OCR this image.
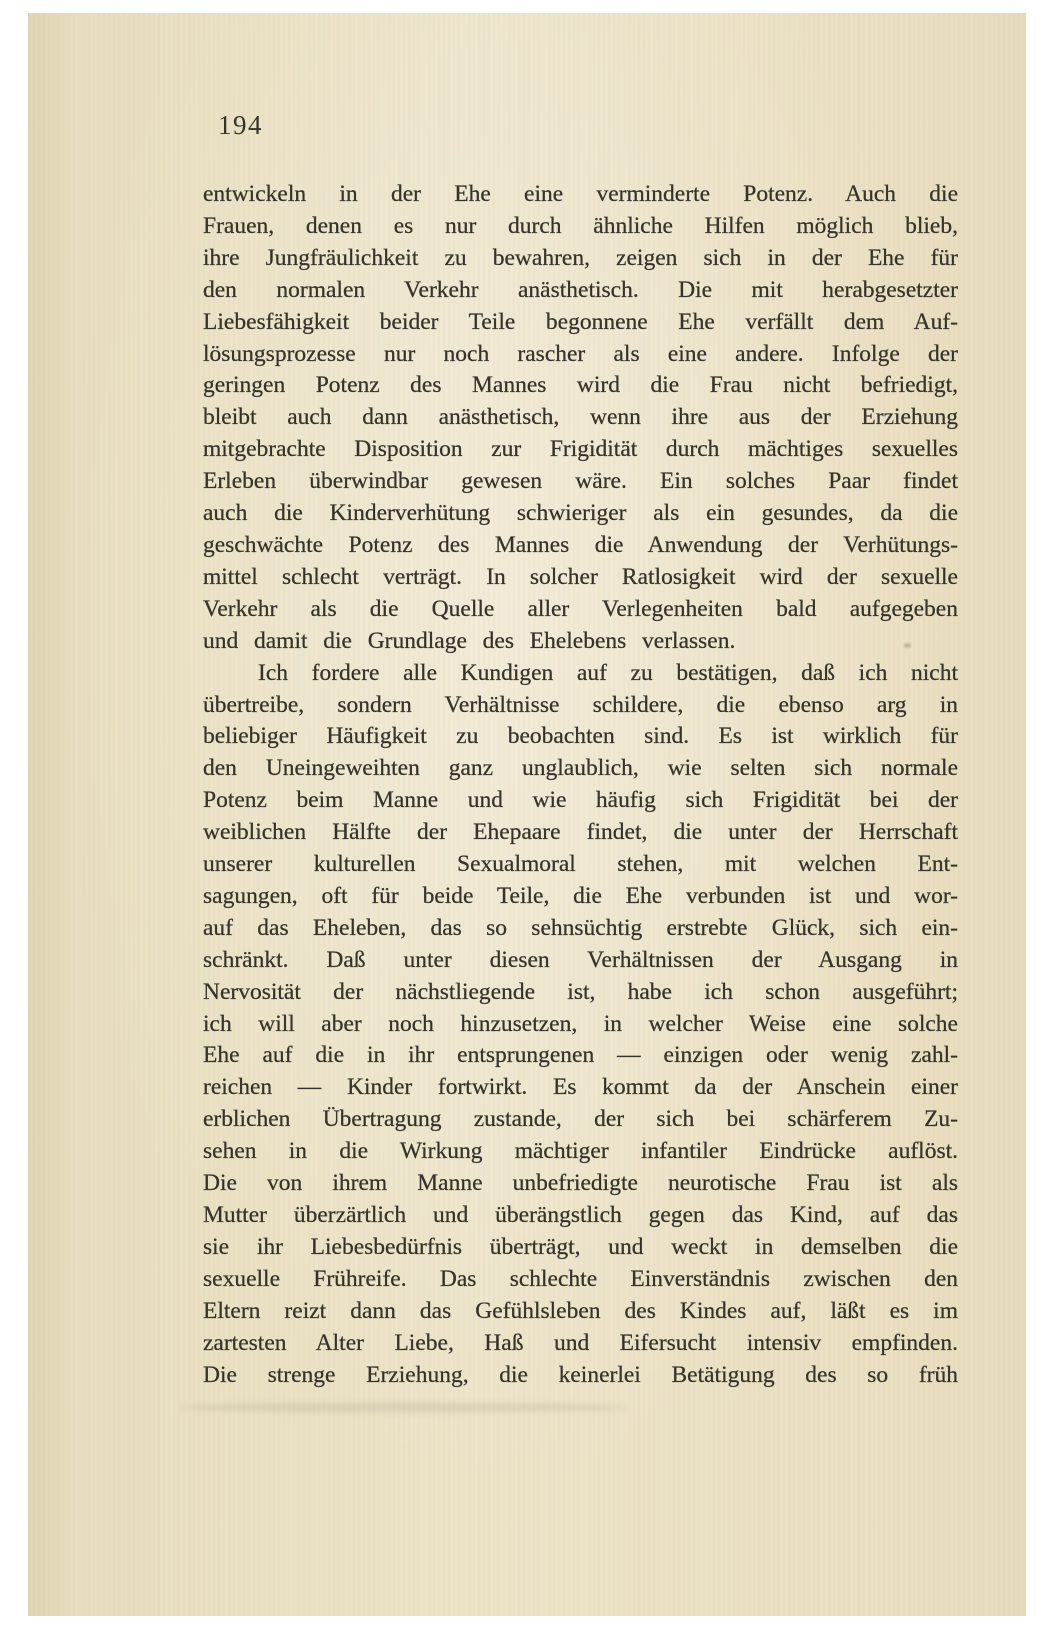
194
entwickeln in der Ehe eine verminderte Potenz. Auch die
Frauen, denen es nur durch ähnliche Hilfen möglich blieb,
ihre Jungfräulichkeit zu bewahren, zeigen sich in der Ehe für
den normalen Verkehr anästhetisch. Die mit herabgesetzter
Liebesfähigkeit beider Teile begonnene Ehe verfällt dem Auf-
lösungsprozesse nur noch rascher als eine andere. Infolge der
geringen Potenz des Mannes wird die Frau nicht befriedigt,
bleibt auch dann anästhetisch, wenn ihre aus der Erziehung
mitgebrachte Disposition zur Frigidität durch mächtiges sexuelles
Erleben überwindbar gewesen wäre. Ein solches Paar findet
auch die Kinderverhütung schwieriger als ein gesundes, da die
geschwächte Potenz des Mannes die Anwendung der Verhütungs-
mittel schlecht verträgt. In solcher Ratlosigkeit wird der sexuelle
Verkehr als die Quelle aller Verlegenheiten bald aufgegeben
und damit die Grundlage des Ehelebens verlassen.
Ich fordere alle Kundigen auf zu bestätigen, daß ich nicht
übertreibe, sondern Verhältnisse schildere, die ebenso arg in
beliebiger Häufigkeit zu beobachten sind. Es ist wirklich für
den Uneingeweihten ganz unglaublich, wie selten sich normale
Potenz beim Manne und wie häufig sich Frigidität bei der
weiblichen Hälfte der Ehepaare findet, die unter der Herrschaft
unserer kulturellen Sexualmoral stehen, mit welchen Ent-
sagungen, oft für beide Teile, die Ehe verbunden ist und wor-
auf das Eheleben, das so sehnsüchtig erstrebte Glück, sich ein-
schränkt. Daß unter diesen Verhältnissen der Ausgang in
Nervosität der nächstliegende ist, habe ich schon ausgeführt;
ich will aber noch hinzusetzen, in welcher Weise eine solche
Ehe auf die in ihr entsprungenen — einzigen oder wenig zahl-
reichen — Kinder fortwirkt. Es kommt da der Anschein einer
erblichen Übertragung zustande, der sich bei schärferem Zu-
sehen in die Wirkung mächtiger infantiler Eindrücke auflöst.
Die von ihrem Manne unbefriedigte neurotische Frau ist als
Mutter überzärtlich und überängstlich gegen das Kind, auf das
sie ihr Liebesbedürfnis überträgt, und weckt in demselben die
sexuelle Frühreife. Das schlechte Einverständnis zwischen den
Eltern reizt dann das Gefühlsleben des Kindes auf, läßt es im
zartesten Alter Liebe, Haß und Eifersucht intensiv empfinden.
Die strenge Erziehung, die keinerlei Betätigung des so früh
